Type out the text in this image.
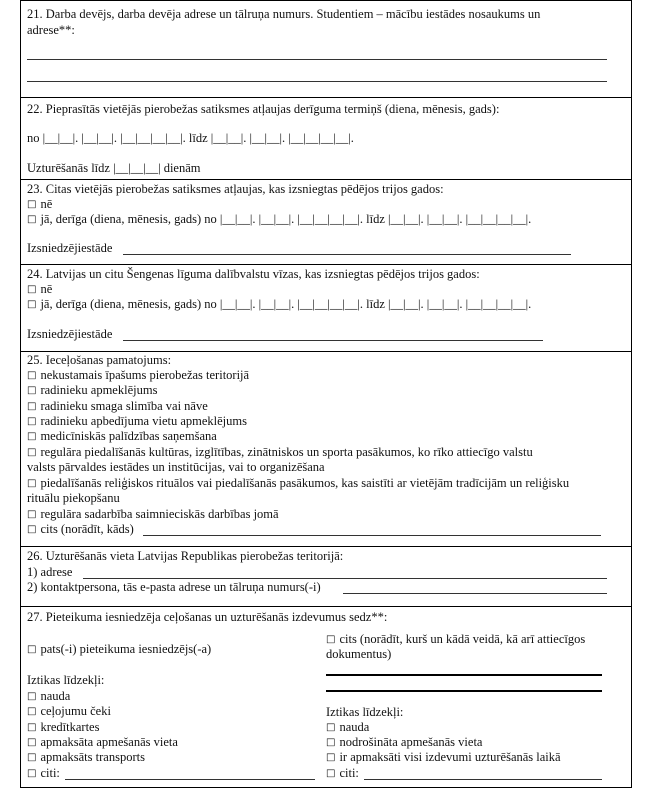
21. Darba devējs, darba devēja adrese un tālruņa numurs. Studentiem – mācību iestādes nosaukums un
adrese**:
22. Pieprasītās vietējās pierobežas satiksmes atļaujas derīguma termiņš (diena, mēnesis, gads):
no |__|__|. |__|__|. |__|__|__|__|. līdz |__|__|. |__|__|. |__|__|__|__|.
Uzturēšanās līdz |__|__|__| dienām
23. Citas vietējās pierobežas satiksmes atļaujas, kas izsniegtas pēdējos trijos gados:
□ nē
□ jā, derīga (diena, mēnesis, gads) no |__|__|. |__|__|. |__|__|__|__|. līdz |__|__|. |__|__|. |__|__|__|__|.
Izsniedzējiestāde
24. Latvijas un citu Šengenas līguma dalībvalstu vīzas, kas izsniegtas pēdējos trijos gados:
□ nē
□ jā, derīga (diena, mēnesis, gads) no |__|__|. |__|__|. |__|__|__|__|. līdz |__|__|. |__|__|. |__|__|__|__|.
Izsniedzējiestāde
25. Ieceļošanas pamatojums:
□ nekustamais īpašums pierobežas teritorijā
□ radinieku apmeklējums
□ radinieku smaga slimība vai nāve
□ radinieku apbedījuma vietu apmeklējums
□ medicīniskās palīdzības saņemšana
□ regulāra piedalīšanās kultūras, izglītības, zinātniskos un sporta pasākumos, ko rīko attiecīgo valstu
valsts pārvaldes iestādes un institūcijas, vai to organizēšana
□ piedalīšanās reliģiskos rituālos vai piedalīšanās pasākumos, kas saistīti ar vietējām tradīcijām un reliģisku
rituālu piekopšanu
□ regulāra sadarbība saimnieciskās darbības jomā
□ cits (norādīt, kāds)
26. Uzturēšanās vieta Latvijas Republikas pierobežas teritorijā:
1) adrese
2) kontaktpersona, tās e-pasta adrese un tālruņa numurs(-i)
27. Pieteikuma iesniedzēja ceļošanas un uzturēšanās izdevumus sedz**:
□ pats(-i) pieteikuma iesniedzējs(-a)
□ cits (norādīt, kurš un kādā veidā, kā arī attiecīgos
dokumentus)
Iztikas līdzekļi:
□ nauda
□ ceļojumu čeki
□ kredītkartes
□ apmaksāta apmešanās vieta
□ apmaksāts transports
□ citi:
Iztikas līdzekļi:
□ nauda
□ nodrošināta apmešanās vieta
□ ir apmaksāti visi izdevumi uzturēšanās laikā
□ citi:
